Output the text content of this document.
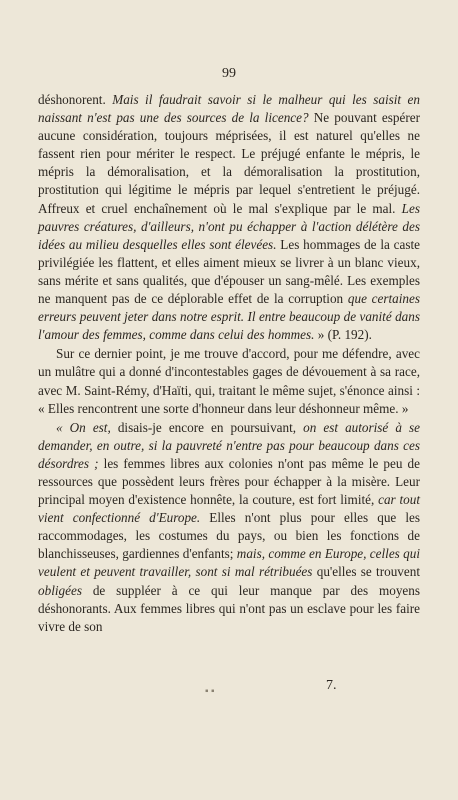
99

déshonorent. Mais il faudrait savoir si le malheur qui les saisit en naissant n'est pas une des sources de la licence? Ne pouvant espérer aucune considération, toujours méprisées, il est naturel qu'elles ne fassent rien pour mériter le respect. Le préjugé enfante le mépris, le mépris la démoralisation, et la démoralisation la prostitution, prostitution qui légitime le mépris par lequel s'entretient le préjugé. Affreux et cruel enchaînement où le mal s'explique par le mal. Les pauvres créatures, d'ailleurs, n'ont pu échapper à l'action délétère des idées au milieu desquelles elles sont élevées. Les hommages de la caste privilégiée les flattent, et elles aiment mieux se livrer à un blanc vieux, sans mérite et sans qualités, que d'épouser un sang-mêlé. Les exemples ne manquent pas de ce déplorable effet de la corruption que certaines erreurs peuvent jeter dans notre esprit. Il entre beaucoup de vanité dans l'amour des femmes, comme dans celui des hommes. » (P. 192).

Sur ce dernier point, je me trouve d'accord, pour me défendre, avec un mulâtre qui a donné d'incontestables gages de dévouement à sa race, avec M. Saint-Rémy, d'Haïti, qui, traitant le même sujet, s'énonce ainsi : « Elles rencontrent une sorte d'honneur dans leur déshonneur même. »

« On est, disais-je encore en poursuivant, on est autorisé à se demander, en outre, si la pauvreté n'entre pas pour beaucoup dans ces désordres ; les femmes libres aux colonies n'ont pas même le peu de ressources que possèdent leurs frères pour échapper à la misère. Leur principal moyen d'existence honnête, la couture, est fort limité, car tout vient confectionné d'Europe. Elles n'ont plus pour elles que les raccommodages, les costumes du pays, ou bien les fonctions de blanchisseuses, gardiennes d'enfants; mais, comme en Europe, celles qui veulent et peuvent travailler, sont si mal rétribuées qu'elles se trouvent obligées de suppléer à ce qui leur manque par des moyens déshonorants. Aux femmes libres qui n'ont pas un esclave pour les faire vivre de son

▪ ▪	7.
